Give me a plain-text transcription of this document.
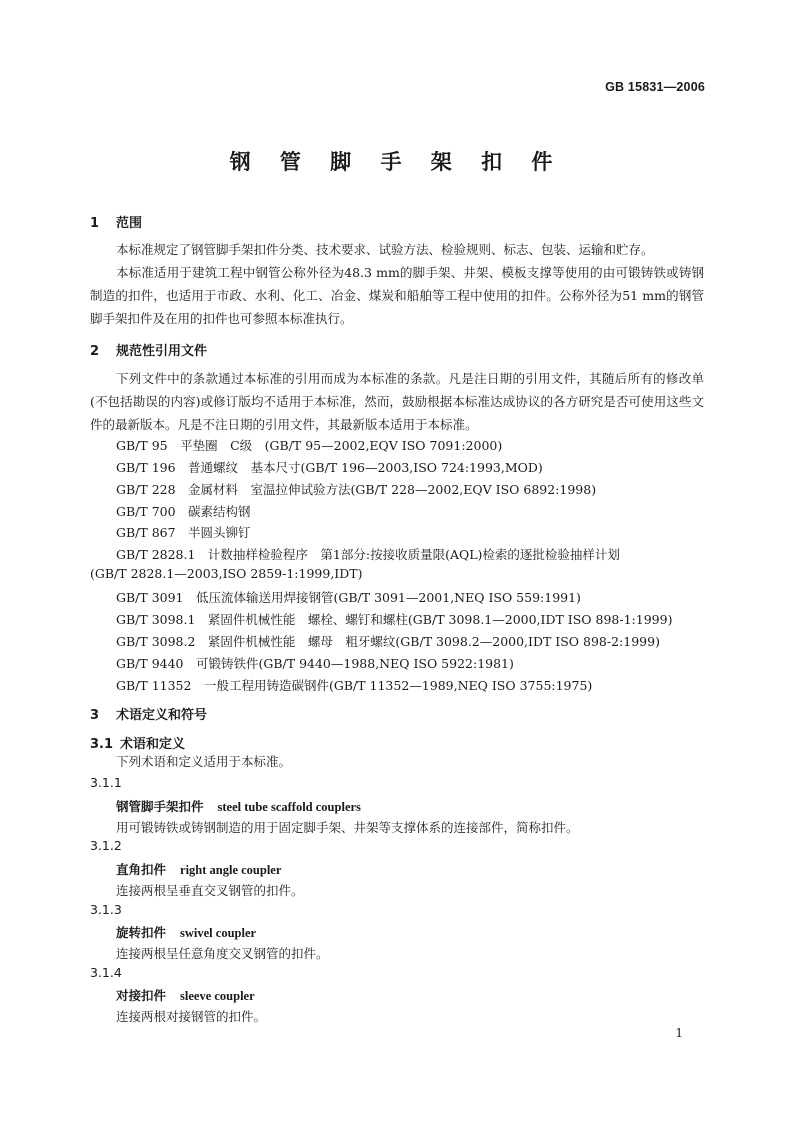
GB 15831—2006
钢 管 脚 手 架 扣 件
1 范围
本标准规定了钢管脚手架扣件分类、技术要求、试验方法、检验规则、标志、包装、运输和贮存。
本标准适用于建筑工程中钢管公称外径为48.3 mm的脚手架、井架、模板支撑等使用的由可锻铸铁或铸钢制造的扣件，也适用于市政、水利、化工、冶金、煤炭和船舶等工程中使用的扣件。公称外径为51 mm的钢管脚手架扣件及在用的扣件也可参照本标准执行。
2 规范性引用文件
下列文件中的条款通过本标准的引用而成为本标准的条款。凡是注日期的引用文件，其随后所有的修改单(不包括勘误的内容)或修订版均不适用于本标准，然而，鼓励根据本标准达成协议的各方研究是否可使用这些文件的最新版本。凡是不注日期的引用文件，其最新版本适用于本标准。
GB/T 95　平垫圈　C级　(GB/T 95—2002,EQV ISO 7091:2000)
GB/T 196　普通螺纹　基本尺寸(GB/T 196—2003,ISO 724:1993,MOD)
GB/T 228　金属材料　室温拉伸试验方法(GB/T 228—2002,EQV ISO 6892:1998)
GB/T 700　碳素结构钢
GB/T 867　半圆头铆钉
GB/T 2828.1　计数抽样检验程序　第1部分:按接收质量限(AQL)检索的逐批检验抽样计划
(GB/T 2828.1—2003,ISO 2859-1:1999,IDT)
GB/T 3091　低压流体输送用焊接钢管(GB/T 3091—2001,NEQ ISO 559:1991)
GB/T 3098.1　紧固件机械性能　螺栓、螺钉和螺柱(GB/T 3098.1—2000,IDT ISO 898-1:1999)
GB/T 3098.2　紧固件机械性能　螺母　粗牙螺纹(GB/T 3098.2—2000,IDT ISO 898-2:1999)
GB/T 9440　可锻铸铁件(GB/T 9440—1988,NEQ ISO 5922:1981)
GB/T 11352　一般工程用铸造碳钢件(GB/T 11352—1989,NEQ ISO 3755:1975)
3 术语定义和符号
3.1 术语和定义
下列术语和定义适用于本标准。
3.1.1
钢管脚手架扣件 steel tube scaffold couplers
用可锻铸铁或铸钢制造的用于固定脚手架、井架等支撑体系的连接部件，简称扣件。
3.1.2
直角扣件 right angle coupler
连接两根呈垂直交叉钢管的扣件。
3.1.3
旋转扣件 swivel coupler
连接两根呈任意角度交叉钢管的扣件。
3.1.4
对接扣件 sleeve coupler
连接两根对接钢管的扣件。
1
